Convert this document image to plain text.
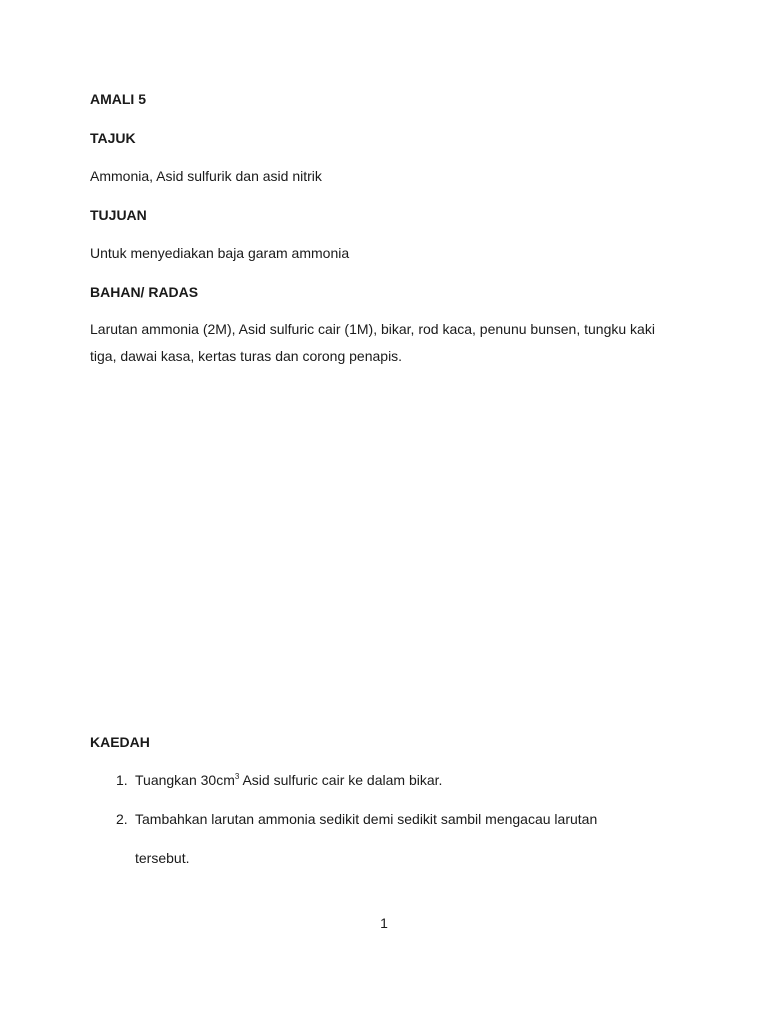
AMALI 5
TAJUK
Ammonia, Asid sulfurik dan asid nitrik
TUJUAN
Untuk menyediakan baja garam ammonia
BAHAN/ RADAS
Larutan ammonia (2M), Asid sulfuric cair (1M), bikar, rod kaca, penunu bunsen, tungku kaki tiga, dawai kasa, kertas turas dan corong penapis.
KAEDAH
1. Tuangkan $30cm^3$ Asid sulfuric cair ke dalam bikar.
2. Tambahkan larutan ammonia sedikit demi sedikit sambil mengacau larutan
tersebut.
1
